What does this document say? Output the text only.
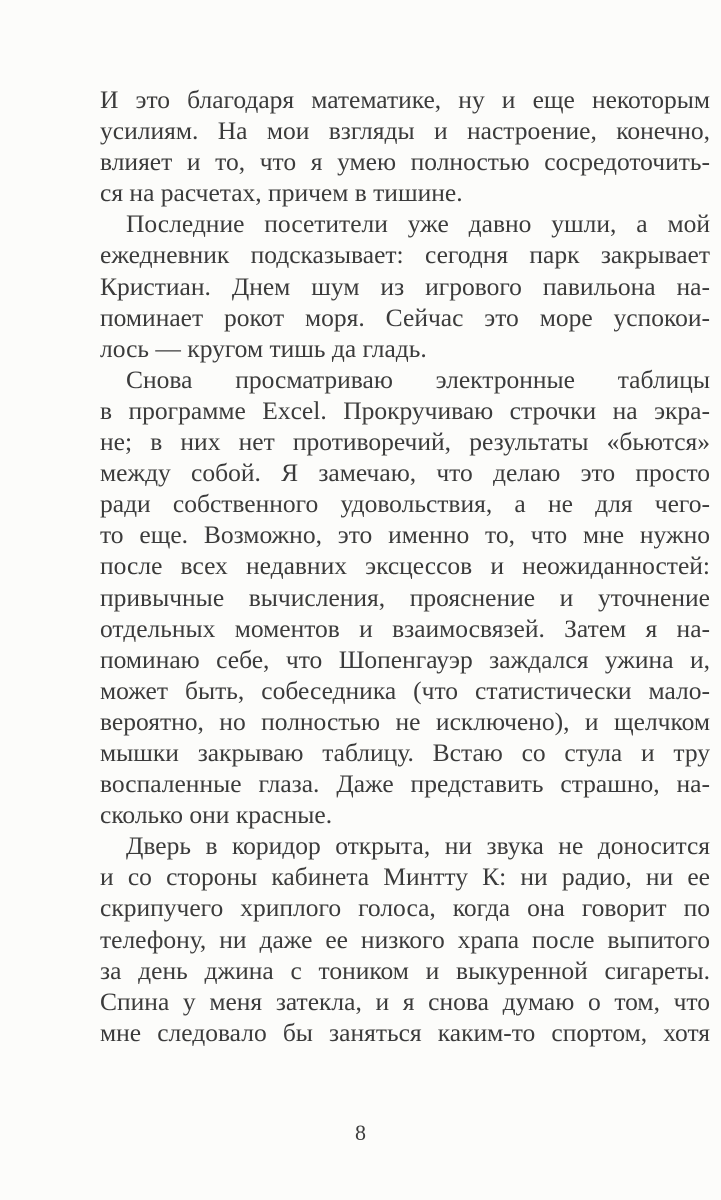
И это благодаря математике, ну и еще некоторым
усилиям. На мои взгляды и настроение, конечно,
влияет и то, что я умею полностью сосредоточить-
ся на расчетах, причем в тишине.
Последние посетители уже давно ушли, а мой
ежедневник подсказывает: сегодня парк закрывает
Кристиан. Днем шум из игрового павильона на-
поминает рокот моря. Сейчас это море успокои-
лось — кругом тишь да гладь.
Снова просматриваю электронные таблицы
в программе Excel. Прокручиваю строчки на экра-
не; в них нет противоречий, результаты «бьются»
между собой. Я замечаю, что делаю это просто
ради собственного удовольствия, а не для чего-
то еще. Возможно, это именно то, что мне нужно
после всех недавних эксцессов и неожиданностей:
привычные вычисления, прояснение и уточнение
отдельных моментов и взаимосвязей. Затем я на-
поминаю себе, что Шопенгауэр заждался ужина и,
может быть, собеседника (что статистически мало-
вероятно, но полностью не исключено), и щелчком
мышки закрываю таблицу. Встаю со стула и тру
воспаленные глаза. Даже представить страшно, на-
сколько они красные.
Дверь в коридор открыта, ни звука не доносится
и со стороны кабинета Минтту К: ни радио, ни ее
скрипучего хриплого голоса, когда она говорит по
телефону, ни даже ее низкого храпа после выпитого
за день джина с тоником и выкуренной сигареты.
Спина у меня затекла, и я снова думаю о том, что
мне следовало бы заняться каким-то спортом, хотя
8
